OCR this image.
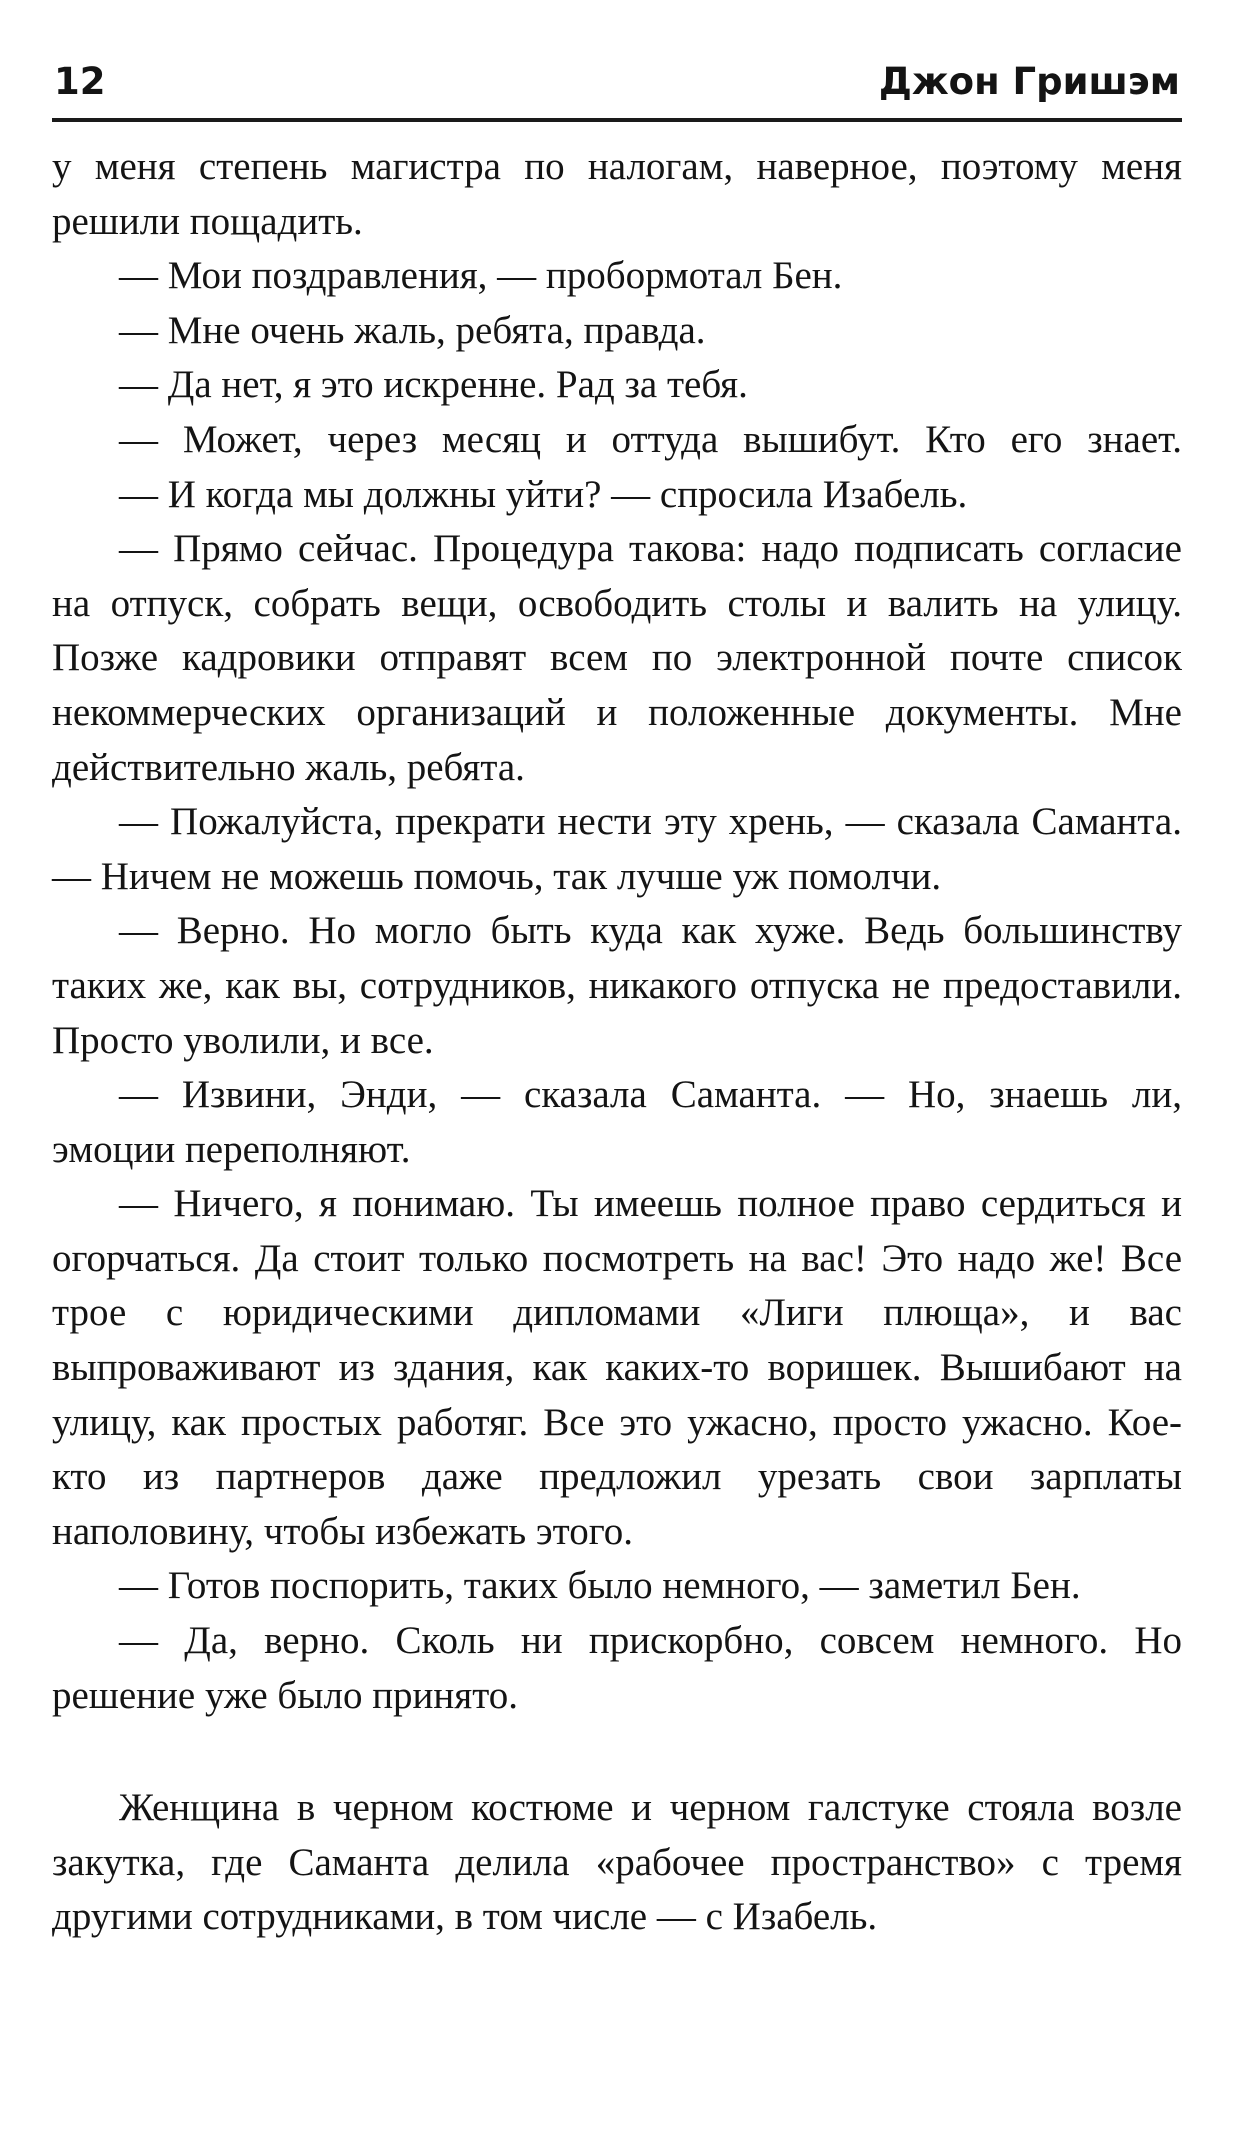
12	Джон Гришэм

у меня степень магистра по налогам, наверное, поэтому меня решили пощадить.

— Мои поздравления, — пробормотал Бен.

— Мне очень жаль, ребята, правда.

— Да нет, я это искренне. Рад за тебя.

— Может, через месяц и оттуда вышибут. Кто его знает.

— И когда мы должны уйти? — спросила Изабель.

— Прямо сейчас. Процедура такова: надо подписать согласие на отпуск, собрать вещи, освободить столы и валить на улицу. Позже кадровики отправят всем по электронной почте список некоммерческих организаций и положенные документы. Мне действительно жаль, ребята.

— Пожалуйста, прекрати нести эту хрень, — сказала Саманта. — Ничем не можешь помочь, так лучше уж помолчи.

— Верно. Но могло быть куда как хуже. Ведь большинству таких же, как вы, сотрудников, никакого отпуска не предоставили. Просто уволили, и все.

— Извини, Энди, — сказала Саманта. — Но, знаешь ли, эмоции переполняют.

— Ничего, я понимаю. Ты имеешь полное право сердиться и огорчаться. Да стоит только посмотреть на вас! Это надо же! Все трое с юридическими дипломами «Лиги плюща», и вас выпроваживают из здания, как каких-то воришек. Вышибают на улицу, как простых работяг. Все это ужасно, просто ужасно. Кое-кто из партнеров даже предложил урезать свои зарплаты наполовину, чтобы избежать этого.

— Готов поспорить, таких было немного, — заметил Бен.

— Да, верно. Сколь ни прискорбно, совсем немного. Но решение уже было принято.

Женщина в черном костюме и черном галстуке стояла возле закутка, где Саманта делила «рабочее пространство» с тремя другими сотрудниками, в том числе — с Изабель.
